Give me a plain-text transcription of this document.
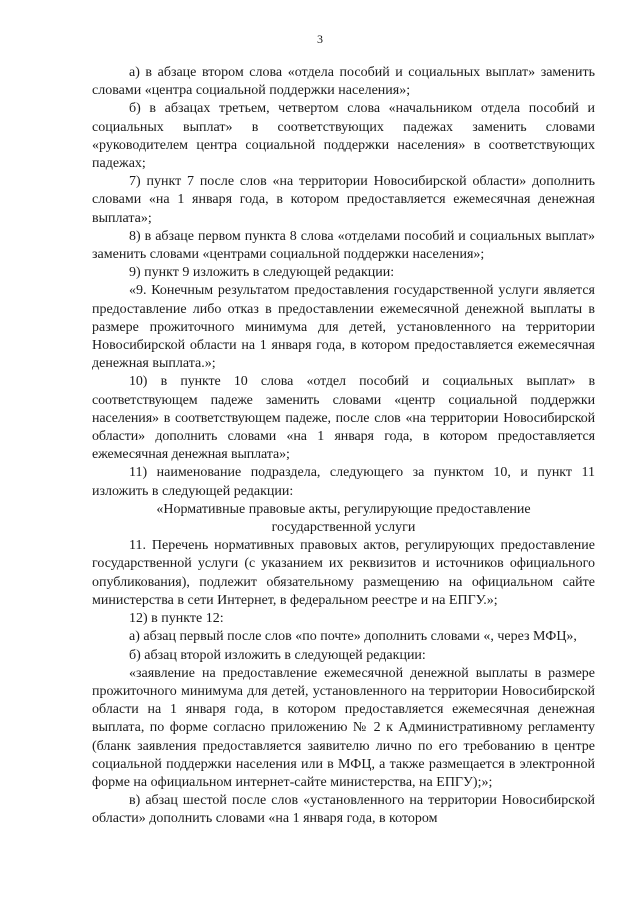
3

а) в абзаце втором слова «отдела пособий и социальных выплат» заменить словами «центра социальной поддержки населения»;

б) в абзацах третьем, четвертом слова «начальником отдела пособий и социальных выплат» в соответствующих падежах заменить словами «руководителем центра социальной поддержки населения» в соответствующих падежах;

7) пункт 7 после слов «на территории Новосибирской области» дополнить словами «на 1 января года, в котором предоставляется ежемесячная денежная выплата»;

8) в абзаце первом пункта 8 слова «отделами пособий и социальных выплат» заменить словами «центрами социальной поддержки населения»;

9) пункт 9 изложить в следующей редакции:

«9. Конечным результатом предоставления государственной услуги является предоставление либо отказ в предоставлении ежемесячной денежной выплаты в размере прожиточного минимума для детей, установленного на территории Новосибирской области на 1 января года, в котором предоставляется ежемесячная денежная выплата.»;

10) в пункте 10 слова «отдел пособий и социальных выплат» в соответствующем падеже заменить словами «центр социальной поддержки населения» в соответствующем падеже, после слов «на территории Новосибирской области» дополнить словами «на 1 января года, в котором предоставляется ежемесячная денежная выплата»;

11) наименование подраздела, следующего за пунктом 10, и пункт 11 изложить в следующей редакции:

«Нормативные правовые акты, регулирующие предоставление государственной услуги

11. Перечень нормативных правовых актов, регулирующих предоставление государственной услуги (с указанием их реквизитов и источников официального опубликования), подлежит обязательному размещению на официальном сайте министерства в сети Интернет, в федеральном реестре и на ЕПГУ.»;

12) в пункте 12:

а) абзац первый после слов «по почте» дополнить словами «, через МФЦ»,

б) абзац второй изложить в следующей редакции:

«заявление на предоставление ежемесячной денежной выплаты в размере прожиточного минимума для детей, установленного на территории Новосибирской области на 1 января года, в котором предоставляется ежемесячная денежная выплата, по форме согласно приложению № 2 к Административному регламенту (бланк заявления предоставляется заявителю лично по его требованию в центре социальной поддержки населения или в МФЦ, а также размещается в электронной форме на официальном интернет-сайте министерства, на ЕПГУ);»;

в) абзац шестой после слов «установленного на территории Новосибирской области» дополнить словами «на 1 января года, в котором
